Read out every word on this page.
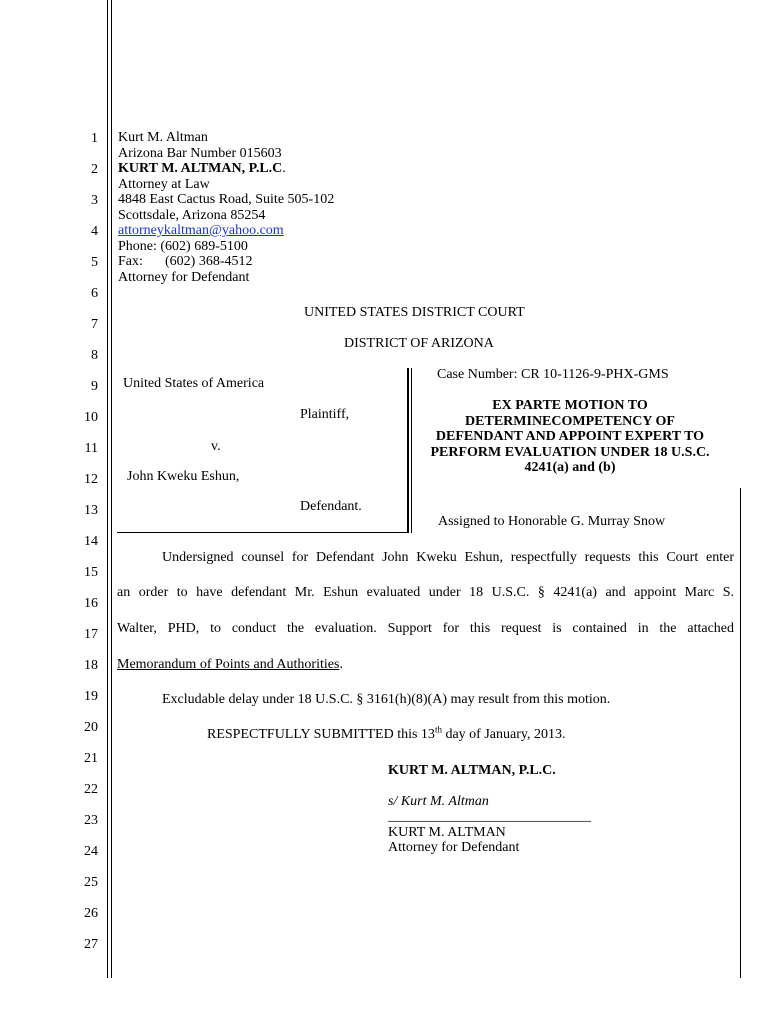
1
2
3
4
5
6
7
8
9
10
11
12
13
14
15
16
17
18
19
20
21
22
23
24
25
26
27
Kurt M. Altman
Arizona Bar Number 015603
KURT M. ALTMAN, P.L.C.
Attorney at Law
4848 East Cactus Road, Suite 505-102
Scottsdale, Arizona 85254
attorneykaltman@yahoo.com
Phone: (602) 689-5100
Fax: (602) 368-4512
Attorney for Defendant
UNITED STATES DISTRICT COURT
DISTRICT OF ARIZONA
United States of America
Plaintiff,
v.
John Kweku Eshun,
Defendant.
Case Number: CR 10-1126-9-PHX-GMS
EX PARTE MOTION TO
DETERMINECOMPETENCY OF
DEFENDANT AND APPOINT EXPERT TO
PERFORM EVALUATION UNDER 18 U.S.C.
4241(a) and (b)
Assigned to Honorable G. Murray Snow
Undersigned counsel for Defendant John Kweku Eshun, respectfully requests this Court enter
an order to have defendant Mr. Eshun evaluated under 18 U.S.C. § 4241(a) and appoint Marc S.
Walter, PHD, to conduct the evaluation. Support for this request is contained in the attached
Memorandum of Points and Authorities.
Excludable delay under 18 U.S.C. § 3161(h)(8)(A) may result from this motion.
RESPECTFULLY SUBMITTED this 13th day of January, 2013.
KURT M. ALTMAN, P.L.C.
s/ Kurt M. Altman
_____________________________
KURT M. ALTMAN
Attorney for Defendant
